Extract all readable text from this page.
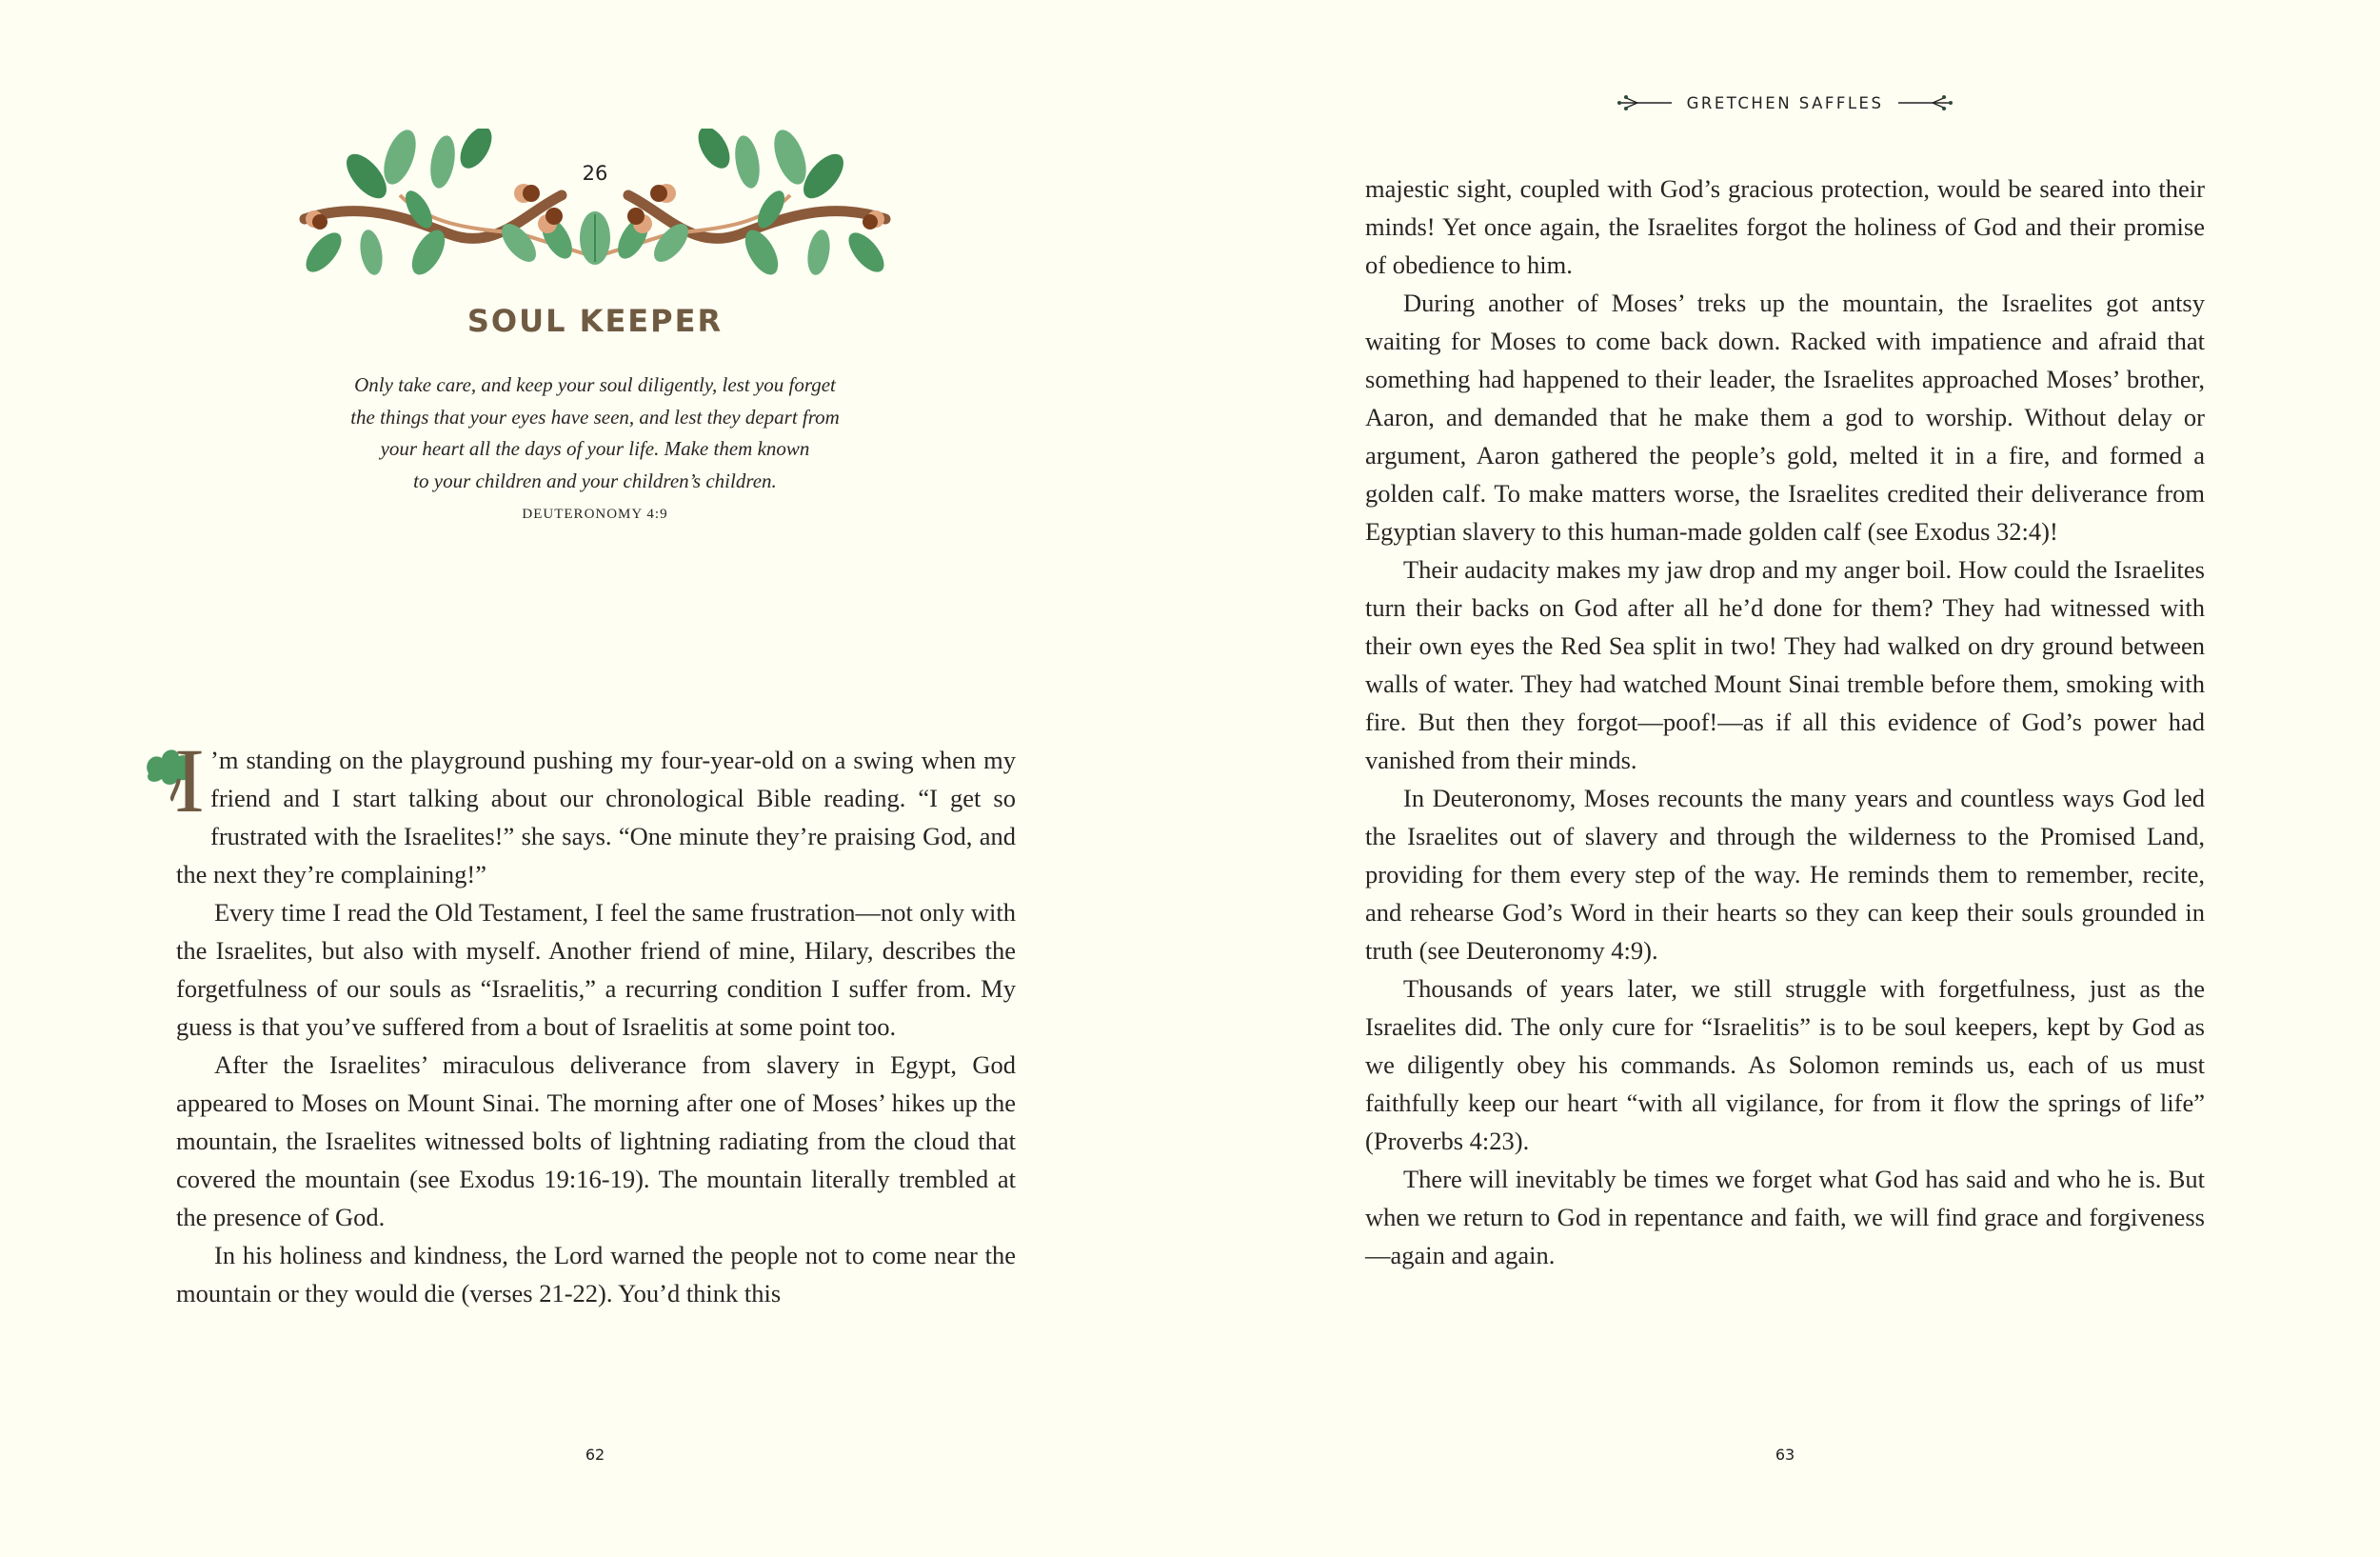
26
SOUL KEEPER
Only take care, and keep your soul diligently, lest you forget
the things that your eyes have seen, and lest they depart from
your heart all the days of your life. Make them known
to your children and your children’s children.
DEUTERONOMY 4:9
I ’m standing on the playground pushing my four-year-old on a swing when my friend and I start talking about our chronological Bible reading. “I get so frustrated with the Israelites!” she says. “One minute they’re praising God, and the next they’re complaining!”

Every time I read the Old Testament, I feel the same frustration—not only with the Israelites, but also with myself. Another friend of mine, Hilary, describes the forgetfulness of our souls as “Israelitis,” a recurring condition I suffer from. My guess is that you’ve suffered from a bout of Israelitis at some point too.

After the Israelites’ miraculous deliverance from slavery in Egypt, God appeared to Moses on Mount Sinai. The morning after one of Moses’ hikes up the mountain, the Israelites witnessed bolts of lightning radiating from the cloud that covered the mountain (see Exodus 19:16-19). The mountain literally trembled at the presence of God.

In his holiness and kindness, the Lord warned the people not to come near the mountain or they would die (verses 21-22). You’d think this

62
GRETCHEN SAFFLES

majestic sight, coupled with God’s gracious protection, would be seared into their minds! Yet once again, the Israelites forgot the holiness of God and their promise of obedience to him.

During another of Moses’ treks up the mountain, the Israelites got antsy waiting for Moses to come back down. Racked with impatience and afraid that something had happened to their leader, the Israelites approached Moses’ brother, Aaron, and demanded that he make them a god to worship. Without delay or argument, Aaron gathered the people’s gold, melted it in a fire, and formed a golden calf. To make matters worse, the Israelites credited their deliverance from Egyptian slavery to this human-made golden calf (see Exodus 32:4)!

Their audacity makes my jaw drop and my anger boil. How could the Israelites turn their backs on God after all he’d done for them? They had witnessed with their own eyes the Red Sea split in two! They had walked on dry ground between walls of water. They had watched Mount Sinai tremble before them, smoking with fire. But then they forgot—poof!—as if all this evidence of God’s power had vanished from their minds.

In Deuteronomy, Moses recounts the many years and countless ways God led the Israelites out of slavery and through the wilderness to the Promised Land, providing for them every step of the way. He reminds them to remember, recite, and rehearse God’s Word in their hearts so they can keep their souls grounded in truth (see Deuteronomy 4:9).

Thousands of years later, we still struggle with forgetfulness, just as the Israelites did. The only cure for “Israelitis” is to be soul keepers, kept by God as we diligently obey his commands. As Solomon reminds us, each of us must faithfully keep our heart “with all vigilance, for from it flow the springs of life” (Proverbs 4:23).

There will inevitably be times we forget what God has said and who he is. But when we return to God in repentance and faith, we will find grace and forgiveness—again and again.

63
